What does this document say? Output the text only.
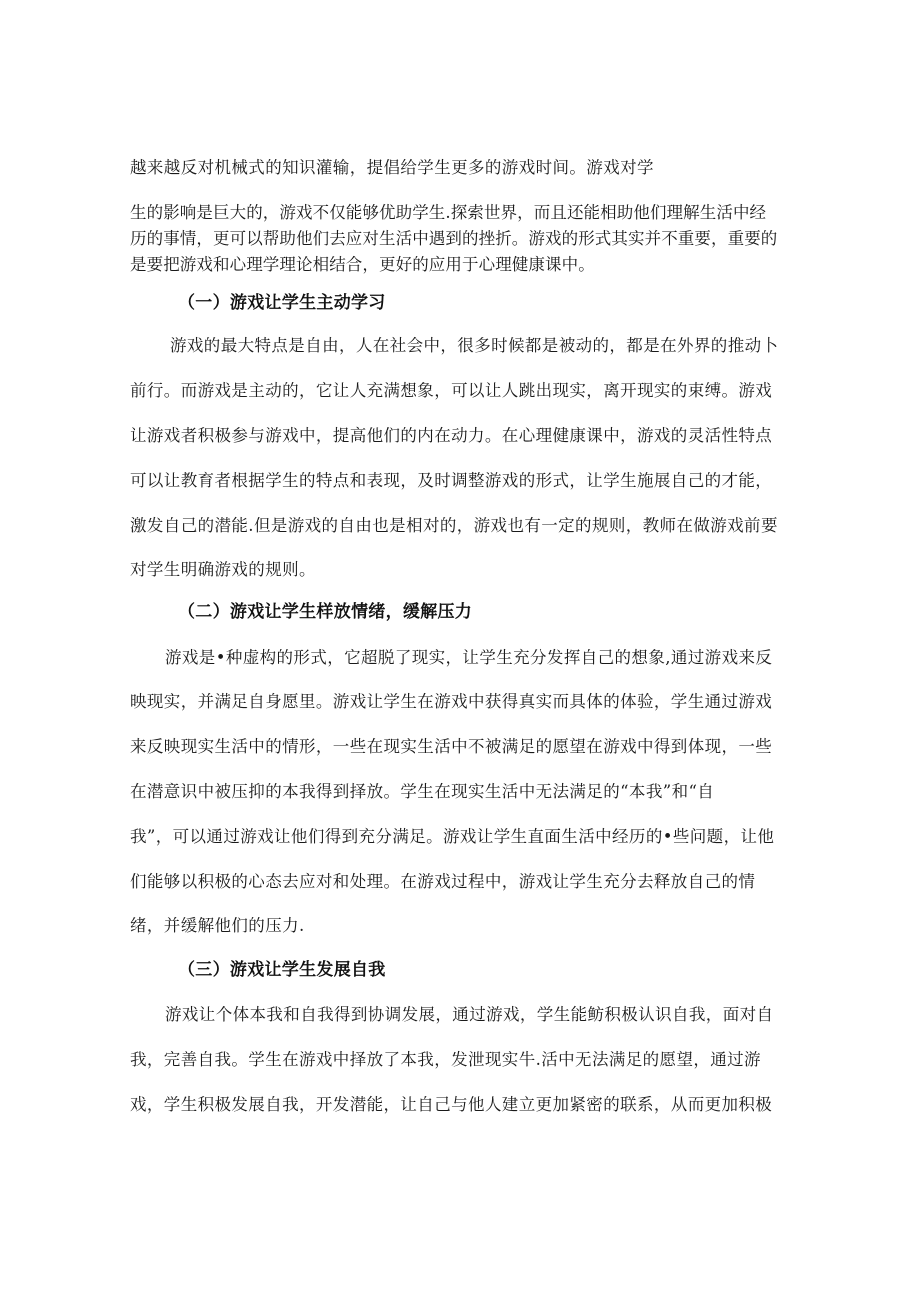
越来越反对机械式的知识灌输，提倡给学生更多的游戏时间。游戏对学
生的影响是巨大的，游戏不仅能够优助学生.探索世界，而且还能相助他们理解生活中经
历的事情，更可以帮助他们去应对生活中遇到的挫折。游戏的形式其实并不重要，重要的
是要把游戏和心理学理论相结合，更好的应用于心理健康课中。
（一）游戏让学生主动学习
游戏的最大特点是自由，人在社会中，很多时候都是被动的，都是在外界的推动卜
前行。而游戏是主动的，它让人充满想象，可以让人跳出现实，离开现实的束缚。游戏
让游戏者积极参与游戏中，提高他们的内在动力。在心理健康课中，游戏的灵活性特点
可以让教育者根据学生的特点和表现，及时调整游戏的形式，让学生施展自己的才能，
激发自己的潜能.但是游戏的自由也是相对的，游戏也有一定的规则，教师在做游戏前要
对学生明确游戏的规则。
（二）游戏让学生样放情绪，缓解压力
游戏是•种虚构的形式，它超脱了现实，让学生充分发挥自己的想象,通过游戏来反
映现实，并满足自身愿里。游戏让学生在游戏中获得真实而具体的体验，学生通过游戏
来反映现实生活中的情形，一些在现实生活中不被满足的愿望在游戏中得到体现，一些
在潜意识中被压抑的本我得到择放。学生在现实生活中无法满足的“本我”和“自
我”，可以通过游戏让他们得到充分满足。游戏让学生直面生活中经历的•些问题，让他
们能够以积极的心态去应对和处理。在游戏过程中，游戏让学生充分去释放自己的情
绪，并缓解他们的压力.
（三）游戏让学生发展自我
游戏让个体本我和自我得到协调发展，通过游戏，学生能鲂积极认识自我，面对自
我，完善自我。学生在游戏中择放了本我，发泄现实牛.活中无法满足的愿望，通过游
戏，学生积极发展自我，开发潜能，让自己与他人建立更加紧密的联系，从而更加积极
